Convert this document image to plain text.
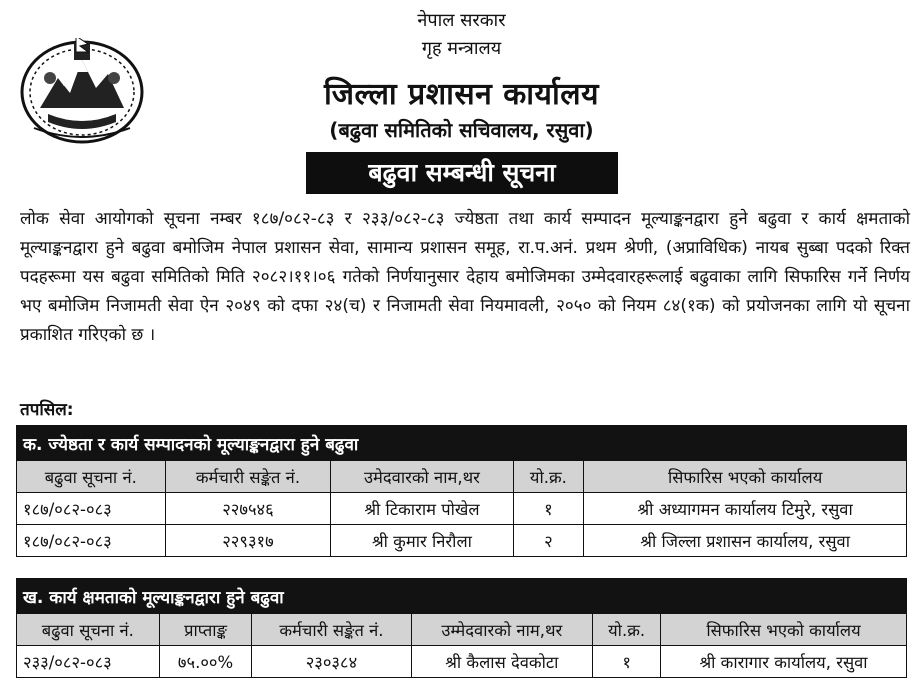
नेपाल सरकार
गृह मन्त्रालय
जिल्ला प्रशासन कार्यालय
(बढुवा समितिको सचिवालय, रसुवा)
बढुवा सम्बन्धी सूचना
लोक सेवा आयोगको सूचना नम्बर १८७/०८२-८३ र २३३/०८२-८३ ज्येष्ठता तथा कार्य सम्पादन मूल्याङ्कनद्वारा हुने बढुवा र कार्य क्षमताको मूल्याङ्कनद्वारा हुने बढुवा बमोजिम नेपाल प्रशासन सेवा, सामान्य प्रशासन समूह, रा.प.अनं. प्रथम श्रेणी, (अप्राविधिक) नायब सुब्बा पदको रिक्त पदहरूमा यस बढुवा समितिको मिति २०८२।११।०६ गतेको निर्णयानुसार देहाय बमोजिमका उम्मेदवारहरूलाई बढुवाका लागि सिफारिस गर्ने निर्णय भए बमोजिम निजामती सेवा ऐन २०४९ को दफा २४(च) र निजामती सेवा नियमावली, २०५० को नियम ८४(१क) को प्रयोजनका लागि यो सूचना प्रकाशित गरिएको छ ।
तपसिल:
क. ज्येष्ठता र कार्य सम्पादनको मूल्याङ्कनद्वारा हुने बढुवा				
बढुवा सूचना नं.	कर्मचारी सङ्केत नं.	उमेदवारको नाम,थर	यो.क्र.	सिफारिस भएको कार्यालय
१८७/०८२-०८३	२२७५४६	श्री टिकाराम पोखेल	१	श्री अध्यागमन कार्यालय टिमुरे, रसुवा
१८७/०८२-०८३	२२९३१७	श्री कुमार निरौला	२	श्री जिल्ला प्रशासन कार्यालय, रसुवा
ख. कार्य क्षमताको मूल्याङ्कनद्वारा हुने बढुवा					
बढुवा सूचना नं.	प्राप्ताङ्क	कर्मचारी सङ्केत नं.	उम्मेदवारको नाम,थर	यो.क्र.	सिफारिस भएको कार्यालय
२३३/०८२-०८३	७५.००%	२३०३८४	श्री कैलास देवकोटा	१	श्री कारागार कार्यालय, रसुवा
